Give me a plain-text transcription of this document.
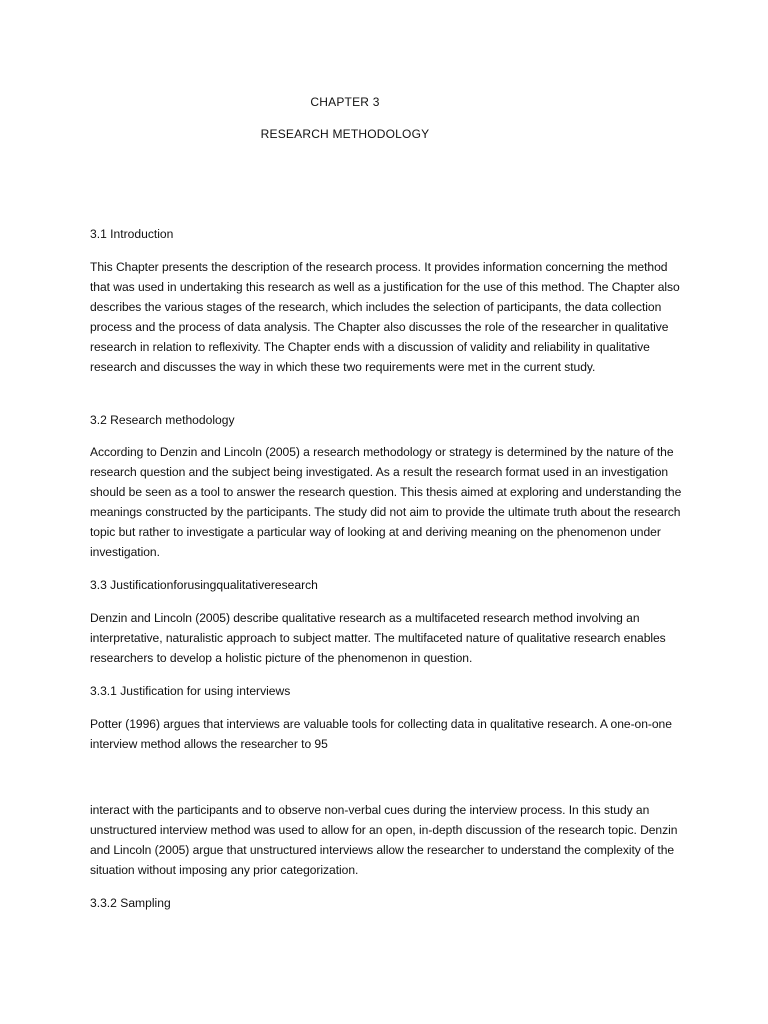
CHAPTER 3
RESEARCH METHODOLOGY
3.1 Introduction

This Chapter presents the description of the research process. It provides information concerning the method that was used in undertaking this research as well as a justification for the use of this method. The Chapter also describes the various stages of the research, which includes the selection of participants, the data collection process and the process of data analysis. The Chapter also discusses the role of the researcher in qualitative research in relation to reflexivity. The Chapter ends with a discussion of validity and reliability in qualitative research and discusses the way in which these two requirements were met in the current study.

3.2 Research methodology

According to Denzin and Lincoln (2005) a research methodology or strategy is determined by the nature of the research question and the subject being investigated. As a result the research format used in an investigation should be seen as a tool to answer the research question. This thesis aimed at exploring and understanding the meanings constructed by the participants. The study did not aim to provide the ultimate truth about the research topic but rather to investigate a particular way of looking at and deriving meaning on the phenomenon under investigation.

3.3 Justificationforusingqualitativeresearch

Denzin and Lincoln (2005) describe qualitative research as a multifaceted research method involving an interpretative, naturalistic approach to subject matter. The multifaceted nature of qualitative research enables researchers to develop a holistic picture of the phenomenon in question.

3.3.1 Justification for using interviews

Potter (1996) argues that interviews are valuable tools for collecting data in qualitative research. A one-on-one interview method allows the researcher to 95

interact with the participants and to observe non-verbal cues during the interview process. In this study an unstructured interview method was used to allow for an open, in-depth discussion of the research topic. Denzin and Lincoln (2005) argue that unstructured interviews allow the researcher to understand the complexity of the situation without imposing any prior categorization.

3.3.2 Sampling
